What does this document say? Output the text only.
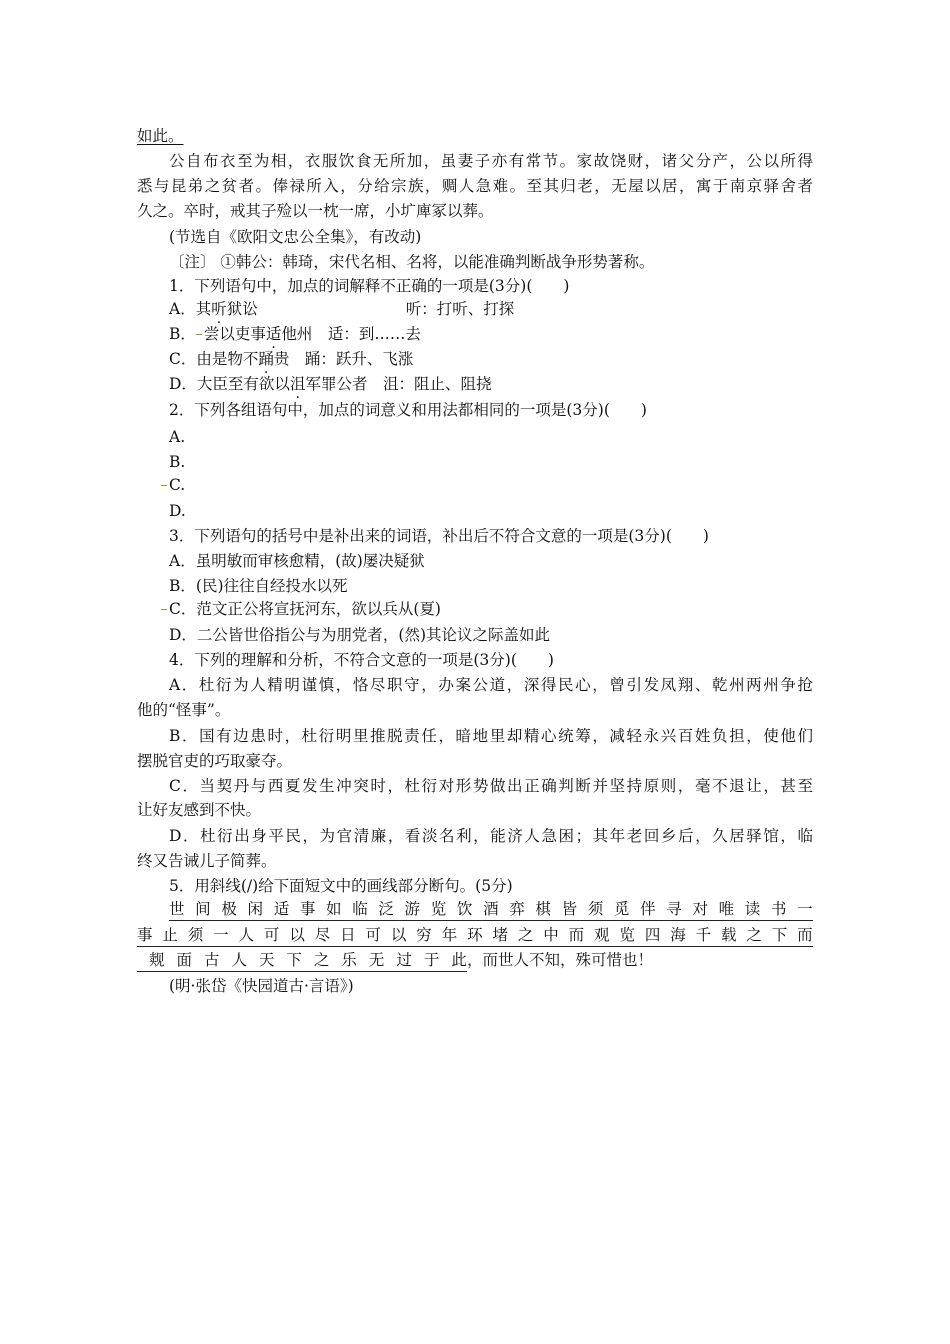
如此。
公自布衣至为相，衣服饮食无所加，虽妻子亦有常节。家故饶财，诸父分产，公以所得
悉与昆弟之贫者。俸禄所入，分给宗族，赒人急难。至其归老，无屋以居，寓于南京驿舍者
久之。卒时，戒其子殓以一枕一席，小圹庳冢以葬。
(节选自《欧阳文忠公全集》，有改动)
〔注〕 ①韩公：韩琦，宋代名相、名将，以能准确判断战争形势著称。
1．下列语句中，加点的词解释不正确的一项是(3分)(　　)
A．其听狱讼	听：打听、打探
B． 尝以吏事适他州　适：到……去
C．由是物不踊贵　踊：跃升、飞涨
D．大臣至有欲以沮军罪公者　沮：阻止、阻挠
2．下列各组语句中，加点的词意义和用法都相同的一项是(3分)(　　)
A.
B.
C.
D.
3．下列语句的括号中是补出来的词语，补出后不符合文意的一项是(3分)(　　)
A．虽明敏而审核愈精，(故)屡决疑狱
B．(民)往往自经投水以死
C．范文正公将宣抚河东，欲以兵从(夏)
D．二公皆世俗指公与为朋党者，(然)其论议之际盖如此
4．下列的理解和分析，不符合文意的一项是(3分)(　　)
A．杜衍为人精明谨慎，恪尽职守，办案公道，深得民心，曾引发凤翔、乾州两州争抢
他的“怪事”。
B．国有边患时，杜衍明里推脱责任，暗地里却精心统筹，减轻永兴百姓负担，使他们
摆脱官吏的巧取豪夺。
C．当契丹与西夏发生冲突时，杜衍对形势做出正确判断并坚持原则，毫不退让，甚至
让好友感到不快。
D．杜衍出身平民，为官清廉，看淡名利，能济人急困；其年老回乡后，久居驿馆，临
终又告诫儿子简葬。
5．用斜线(/)给下面短文中的画线部分断句。(5分)
世 间 极 闲 适 事 如 临 泛 游 览 饮 酒 弈 棋 皆 须 觅 伴 寻 对 唯 读 书 一
事 止 须 一 人 可 以 尽 日 可 以 穷 年 环 堵 之 中 而 观 览 四 海 千 载 之 下 而
觌 面 古 人 天 下 之 乐 无 过 于 此 ，而世人不知，殊可惜也！
(明·张岱《快园道古·言语》)
